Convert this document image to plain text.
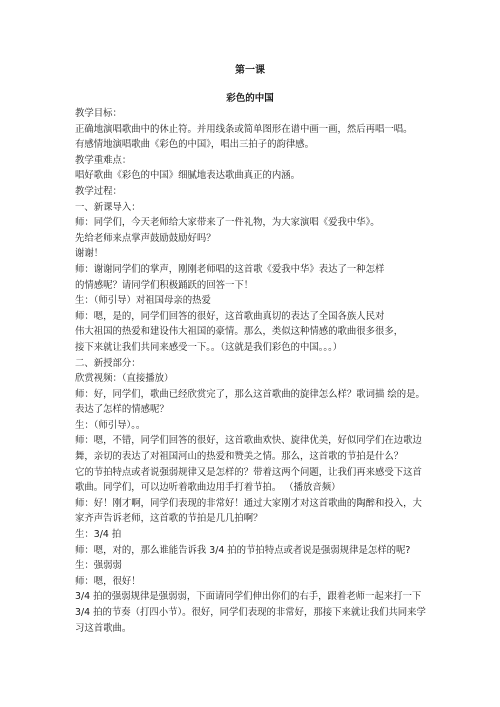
第一课
彩色的中国
教学目标：
正确地演唱歌曲中的休止符。并用线条或简单图形在谱中画一画，然后再唱一唱。
有感情地演唱歌曲《彩色的中国》，唱出三拍子的韵律感。
教学重难点：
唱好歌曲《彩色的中国》细腻地表达歌曲真正的内涵。
教学过程：
一、新课导入：
师：同学们，今天老师给大家带来了一件礼物，为大家演唱《爱我中华》。
先给老师来点掌声鼓励鼓励好吗？
谢谢！
师：谢谢同学们的掌声，刚刚老师唱的这首歌《爱我中华》表达了一种怎样
的情感呢？请同学们积极踊跃的回答一下！
生：（师引导）对祖国母亲的热爱
师：嗯，是的，同学们回答的很好，这首歌曲真切的表达了全国各族人民对
伟大祖国的热爱和建设伟大祖国的豪情。那么，类似这种情感的歌曲很多很多，
接下来就让我们共同来感受一下。。（这就是我们彩色的中国。。。）
二、新授部分：
欣赏视频：（直接播放）
师：好，同学们，歌曲已经欣赏完了，那么这首歌曲的旋律怎么样？歌词描 绘的是。
表达了怎样的情感呢？
生：（师引导）。。
师：嗯，不错，同学们回答的很好，这首歌曲欢快、旋律优美，好似同学们在边歌边
舞，亲切的表达了对祖国河山的热爱和赞美之情。那么，这首歌的节拍是什么？
它的节拍特点或者说强弱规律又是怎样的？带着这两个问题，让我们再来感受下这首
歌曲。同学们，可以边听着歌曲边用手打着节拍。 （播放音频）
师：好！刚才啊，同学们表现的非常好！通过大家刚才对这首歌曲的陶醉和投入，大
家齐声告诉老师，这首歌的节拍是几几拍啊？
生：3/4 拍
师：嗯，对的，那么谁能告诉我 3/4 拍的节拍特点或者说是强弱规律是怎样的呢?
生：强弱弱
师：嗯，很好！
3/4 拍的强弱规律是强弱弱，下面请同学们伸出你们的右手，跟着老师一起来打一下
3/4 拍的节奏（打四小节）。很好，同学们表现的非常好，那接下来就让我们共同来学
习这首歌曲。
